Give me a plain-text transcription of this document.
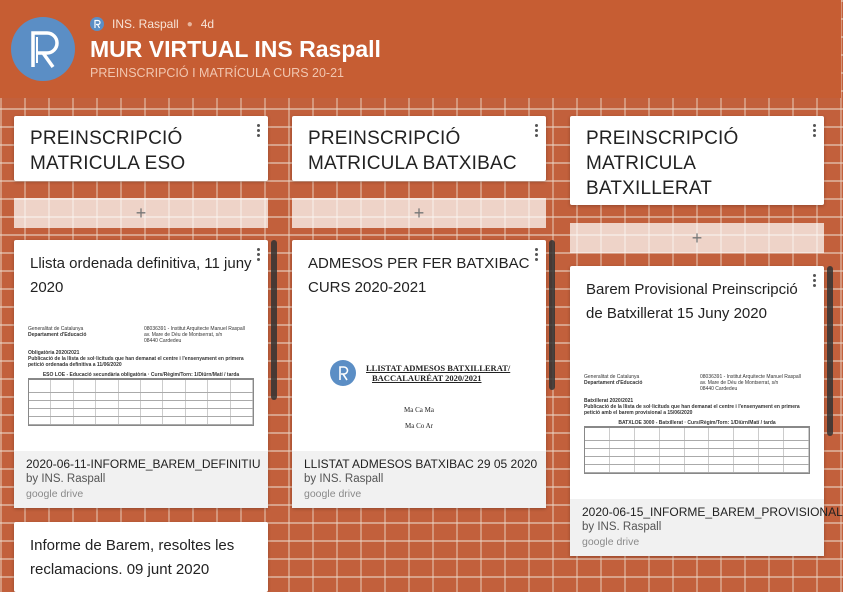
INS. Raspall ● 4d
MUR VIRTUAL INS Raspall
PREINSCRIPCIÓ I MATRÍCULA CURS 20-21
PREINSCRIPCIÓ MATRICULA ESO
+
Llista ordenada definitiva, 11 juny 2020
Generalitat de Catalunya
Departament d'Educació
08036391 - Institut Arquitecte Manuel Raspall
av. Mare de Déu de Montserrat, s/n
08440 Cardedeu
Obligatòria 2020/2021
Publicació de la llista de sol·licituds que han demanat el centre i l'ensenyament en primera petició ordenada definitiva a 11/06/2020
ESO LOE - Educació secundària obligatòria · Curs/Règim/Torn: 1/Diürn/Matí / tarda
2020-06-11-INFORME_BAREM_DEFINITIU
by INS. Raspall
google drive
Informe de Barem, resoltes les reclamacions. 09 junt 2020
PREINSCRIPCIÓ MATRICULA BATXIBAC
+
ADMESOS PER FER BATXIBAC CURS 2020-2021
LLISTAT ADMESOS BATXILLERAT/
BACCALAURÉAT 2020/2021
Ma Ca Ma
Ma Co Ar
LLISTAT ADMESOS BATXIBAC 29 05 2020
by INS. Raspall
google drive
PREINSCRIPCIÓ MATRICULA BATXILLERAT
+
Barem Provisional Preinscripció de Batxillerat 15 Juny 2020
Generalitat de Catalunya
Departament d'Educació
08036391 - Institut Arquitecte Manuel Raspall
av. Mare de Déu de Montserrat, s/n
08440 Cardedeu
Batxillerat 2020/2021
Publicació de la llista de sol·licituds que han demanat el centre i l'ensenyament en primera petició amb el barem provisional a 15/06/2020
BATXLOE 3000 - Batxillerat · Curs/Règim/Torn: 1/Diürn/Matí / tarda
2020-06-15_INFORME_BAREM_PROVISIONAL
by INS. Raspall
google drive
